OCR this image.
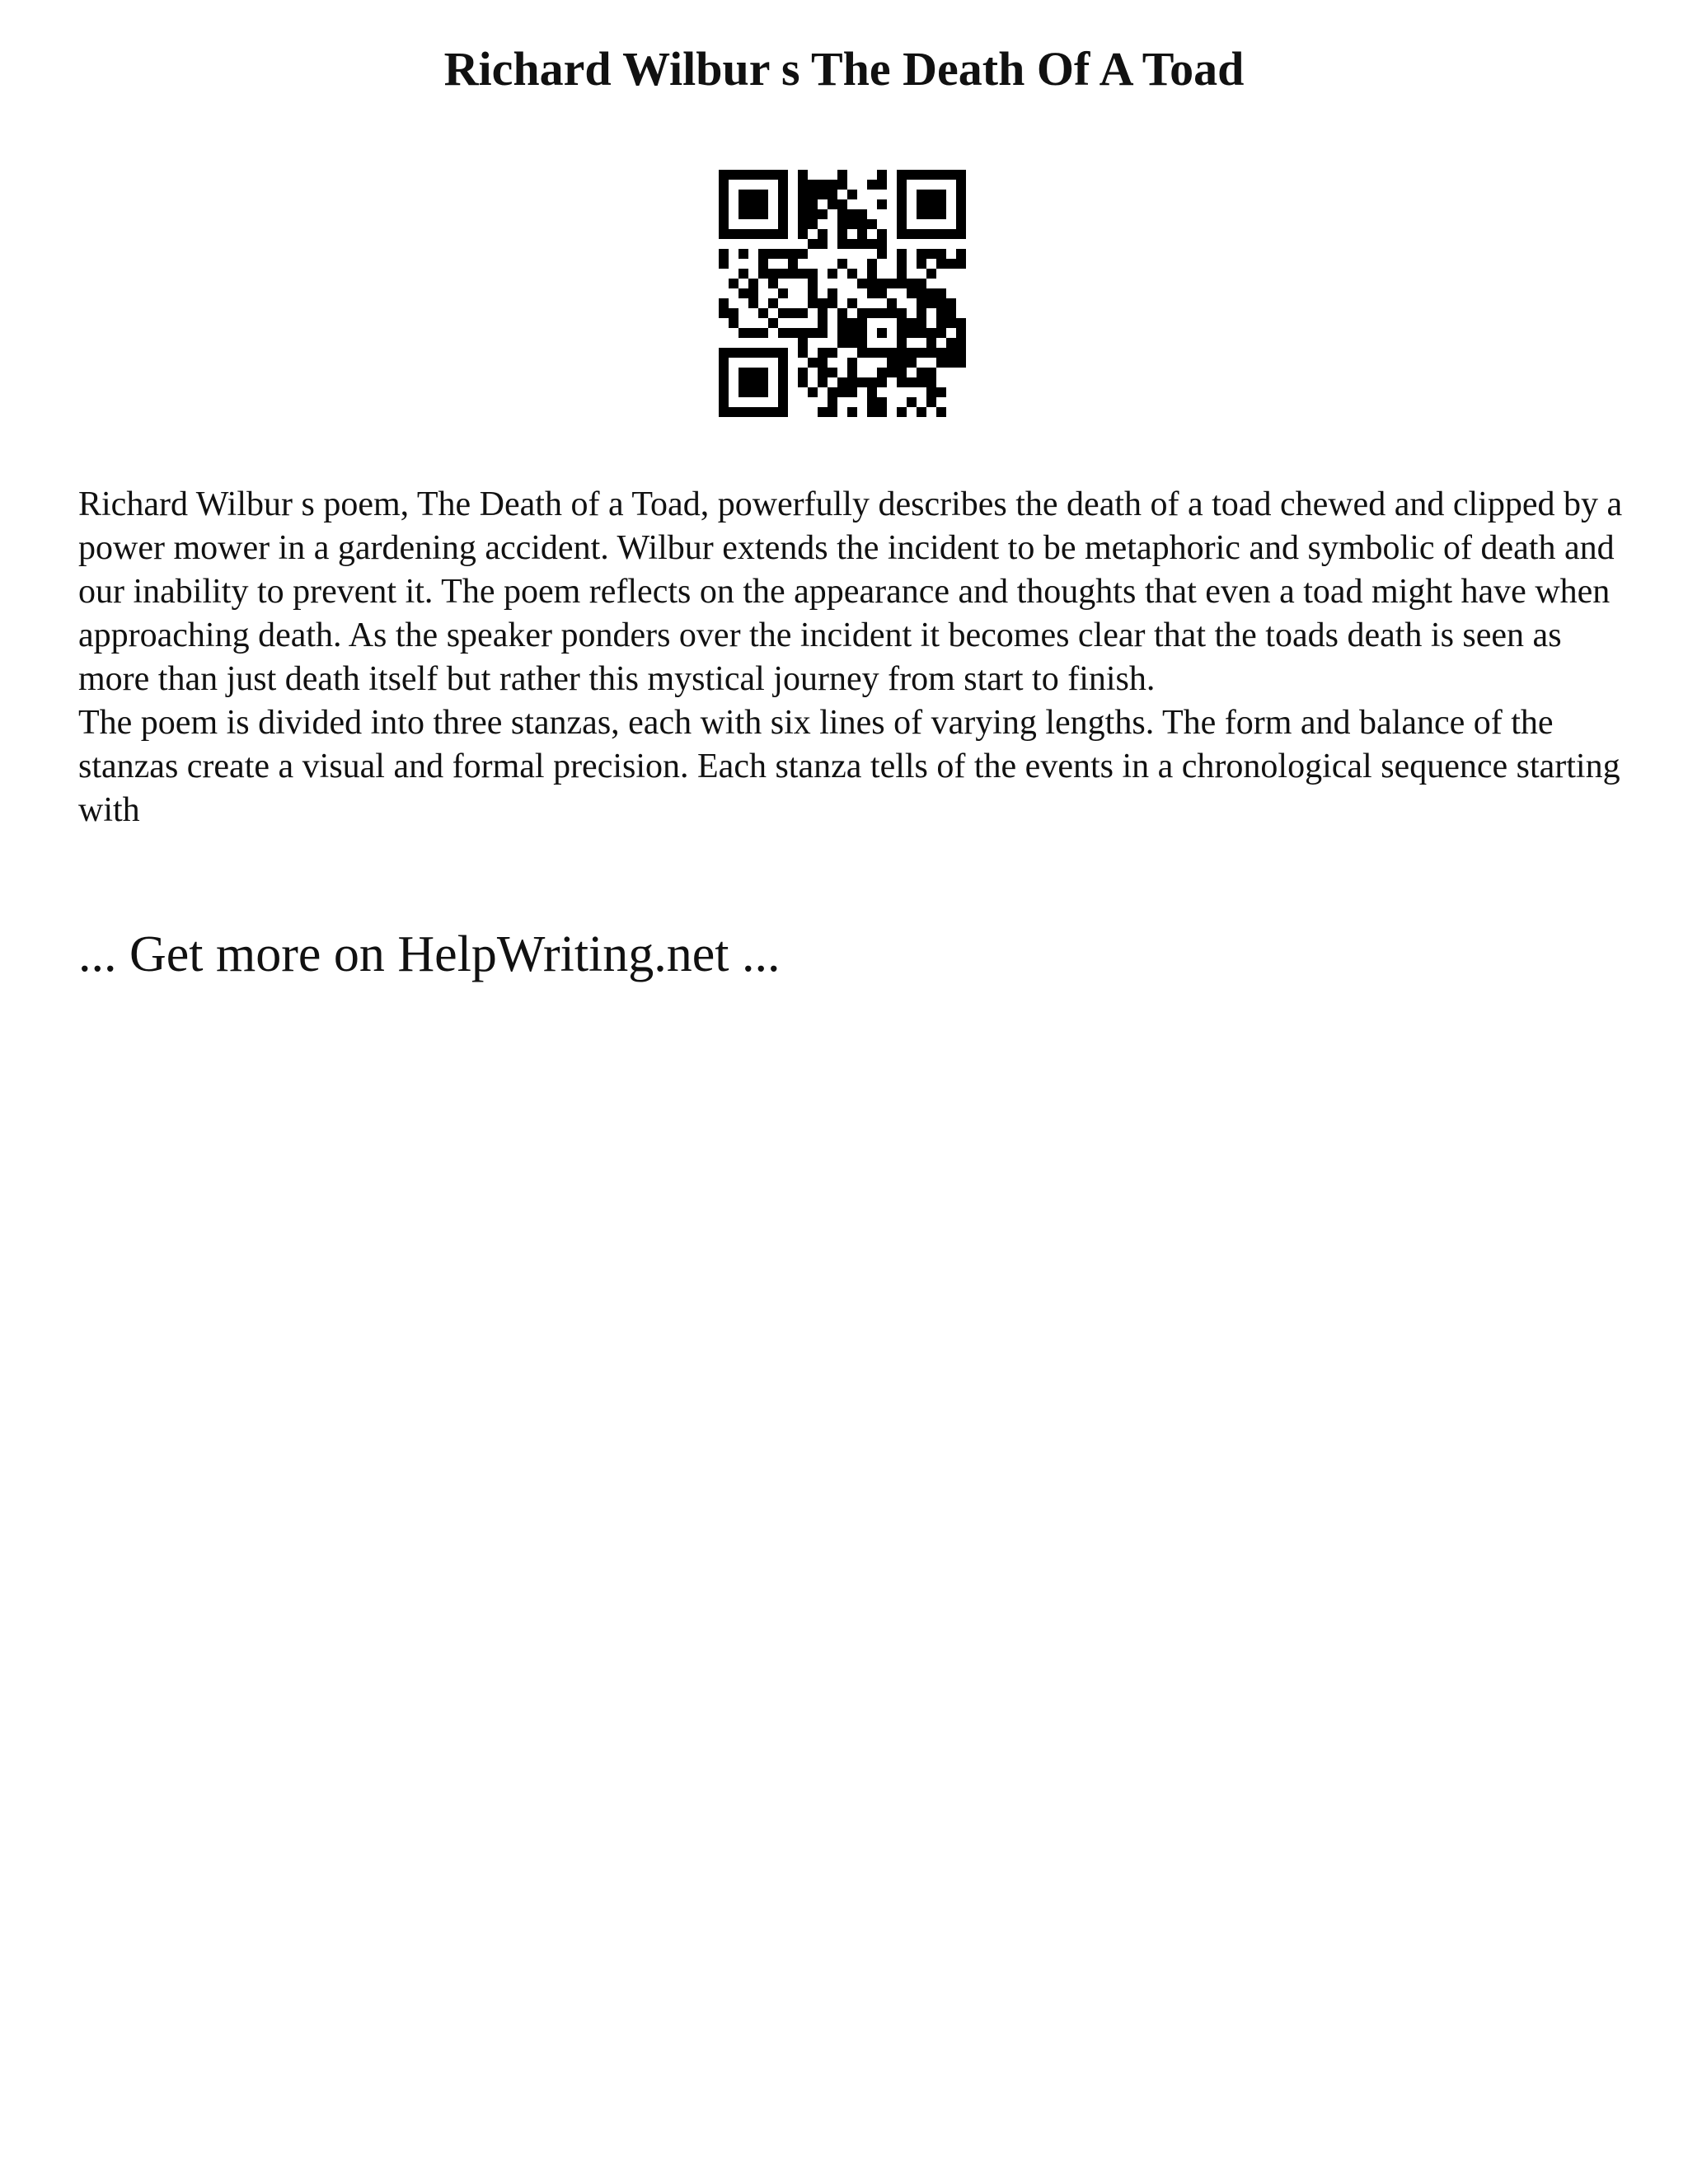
Richard Wilbur s The Death Of A Toad

Richard Wilbur s poem, The Death of a Toad, powerfully describes the death of a toad chewed and clipped by a power mower in a gardening accident. Wilbur extends the incident to be metaphoric and symbolic of death and our inability to prevent it. The poem reflects on the appearance and thoughts that even a toad might have when approaching death. As the speaker ponders over the incident it becomes clear that the toads death is seen as more than just death itself but rather this mystical journey from start to finish.

The poem is divided into three stanzas, each with six lines of varying lengths. The form and balance of the stanzas create a visual and formal precision. Each stanza tells of the events in a chronological sequence starting with

... Get more on HelpWriting.net ...
